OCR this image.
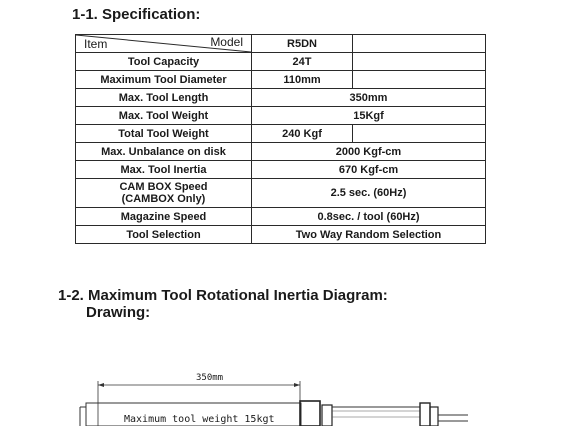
1-1. Specification:
Item Model	R5DN	
Tool Capacity	24T	
Maximum Tool Diameter	110mm	
Max. Tool Length	350mm	
Max. Tool Weight	15Kgf	
Total Tool Weight	240 Kgf	
Max. Unbalance on disk	2000 Kgf-cm	
Max. Tool Inertia	670 Kgf-cm	
CAM BOX Speed
(CAMBOX Only)	2.5 sec. (60Hz)	
Magazine Speed	0.8sec. / tool (60Hz)	
Tool Selection	Two Way Random Selection	
1-2. Maximum Tool Rotational Inertia Diagram:
Drawing:
350mm
Maximum tool weight 15kgt
